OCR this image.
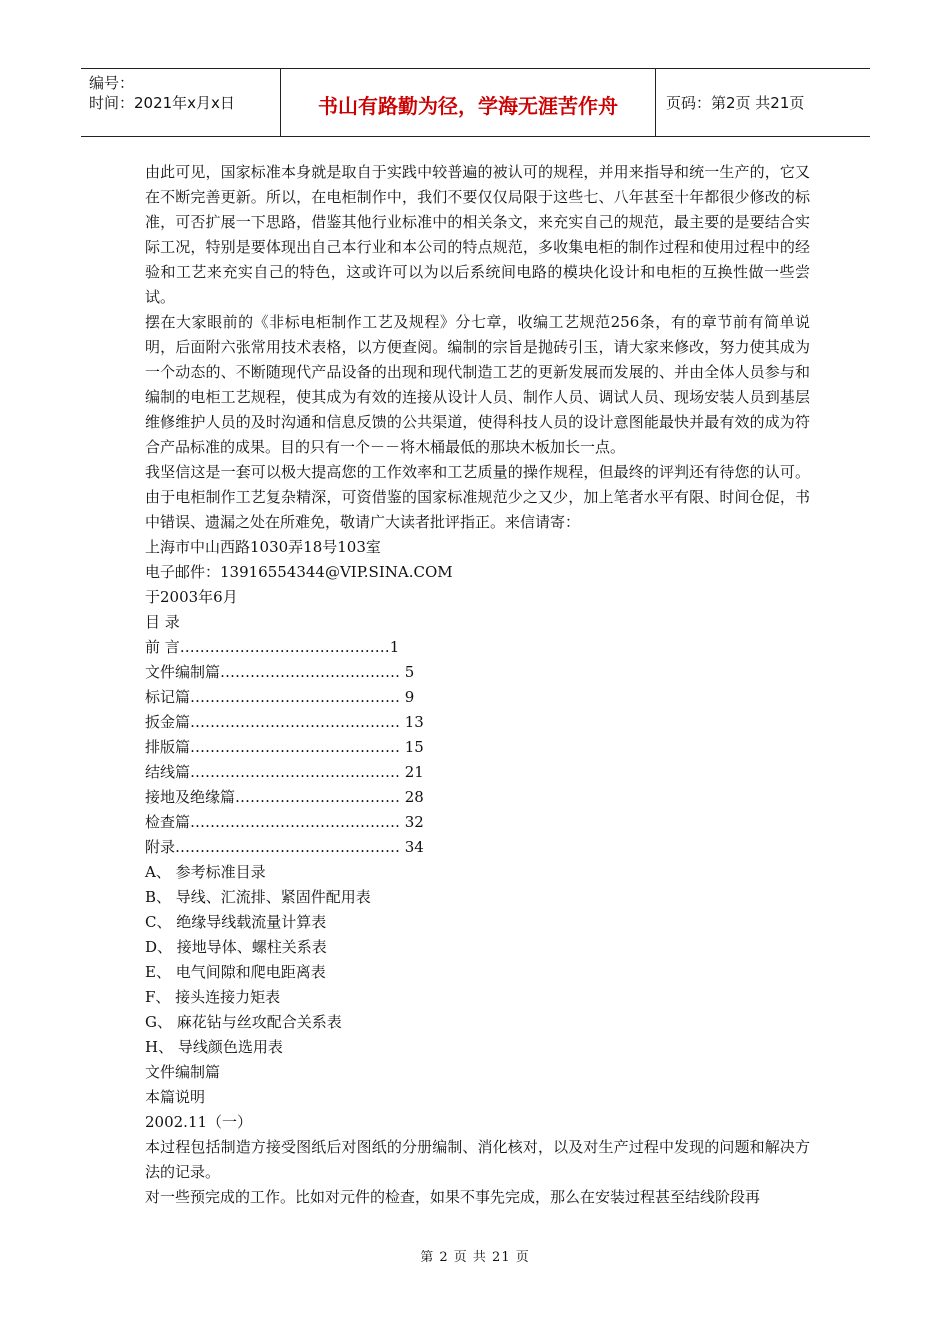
编号：
时间：2021年x月x日	书山有路勤为径，学海无涯苦作舟	页码：第2页 共21页

由此可见，国家标准本身就是取自于实践中较普遍的被认可的规程，并用来指导和统一生产的，它又在不断完善更新。所以，在电柜制作中，我们不要仅仅局限于这些七、八年甚至十年都很少修改的标准，可否扩展一下思路，借鉴其他行业标准中的相关条文，来充实自己的规范，最主要的是要结合实际工况，特别是要体现出自己本行业和本公司的特点规范，多收集电柜的制作过程和使用过程中的经验和工艺来充实自己的特色，这或许可以为以后系统间电路的模块化设计和电柜的互换性做一些尝试。

摆在大家眼前的《非标电柜制作工艺及规程》分七章，收编工艺规范256条，有的章节前有简单说明，后面附六张常用技术表格，以方便查阅。编制的宗旨是抛砖引玉，请大家来修改，努力使其成为一个动态的、不断随现代产品设备的出现和现代制造工艺的更新发展而发展的、并由全体人员参与和编制的电柜工艺规程，使其成为有效的连接从设计人员、制作人员、调试人员、现场安装人员到基层维修维护人员的及时沟通和信息反馈的公共渠道，使得科技人员的设计意图能最快并最有效的成为符合产品标准的成果。目的只有一个－－将木桶最低的那块木板加长一点。

我坚信这是一套可以极大提高您的工作效率和工艺质量的操作规程，但最终的评判还有待您的认可。由于电柜制作工艺复杂精深，可资借鉴的国家标准规范少之又少，加上笔者水平有限、时间仓促，书中错误、遗漏之处在所难免，敬请广大读者批评指正。来信请寄：

上海市中山西路1030弄18号103室
电子邮件：13916554344@VIP.SINA.COM
于2003年6月
目 录
前 言……………………………………1
文件编制篇……………………………… 5
标记篇…………………………………… 9
扳金篇…………………………………… 13
排版篇…………………………………… 15
结线篇…………………………………… 21
接地及绝缘篇…………………………… 28
检查篇…………………………………… 32
附录……………………………………… 34
A、 参考标准目录
B、 导线、汇流排、紧固件配用表
C、 绝缘导线载流量计算表
D、 接地导体、螺柱关系表
E、 电气间隙和爬电距离表
F、 接头连接力矩表
G、 麻花钻与丝攻配合关系表
H、 导线颜色选用表
文件编制篇
本篇说明
2002.11（一）

本过程包括制造方接受图纸后对图纸的分册编制、消化核对，以及对生产过程中发现的问题和解决方法的记录。

对一些预完成的工作。比如对元件的检查，如果不事先完成，那么在安装过程甚至结线阶段再

第 2 页 共 21 页
